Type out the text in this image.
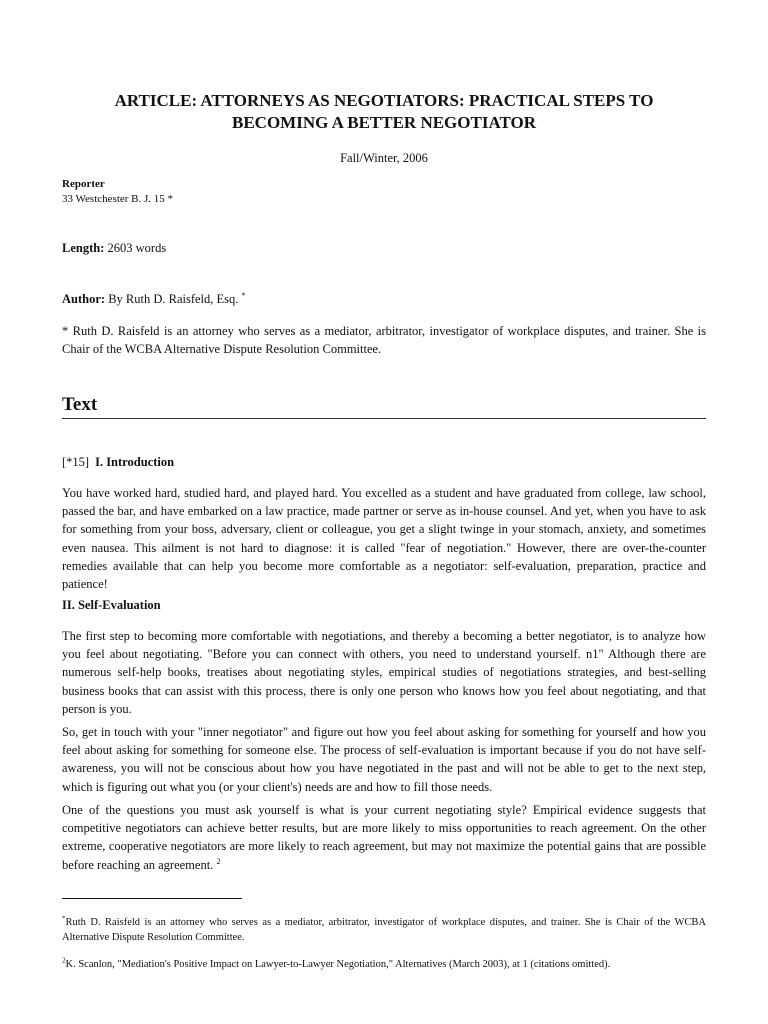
ARTICLE: ATTORNEYS AS NEGOTIATORS: PRACTICAL STEPS TO
BECOMING A BETTER NEGOTIATOR
Fall/Winter, 2006
Reporter
33 Westchester B. J. 15 *
Length: 2603 words
Author: By Ruth D. Raisfeld, Esq. *
* Ruth D. Raisfeld is an attorney who serves as a mediator, arbitrator, investigator of workplace disputes, and trainer. She is Chair of the WCBA Alternative Dispute Resolution Committee.
Text
[*15] I. Introduction
You have worked hard, studied hard, and played hard. You excelled as a student and have graduated from college, law school, passed the bar, and have embarked on a law practice, made partner or serve as in-house counsel. And yet, when you have to ask for something from your boss, adversary, client or colleague, you get a slight twinge in your stomach, anxiety, and sometimes even nausea. This ailment is not hard to diagnose: it is called "fear of negotiation." However, there are over-the-counter remedies available that can help you become more comfortable as a negotiator: self-evaluation, preparation, practice and patience!
II. Self-Evaluation
The first step to becoming more comfortable with negotiations, and thereby a becoming a better negotiator, is to analyze how you feel about negotiating. "Before you can connect with others, you need to understand yourself. n1" Although there are numerous self-help books, treatises about negotiating styles, empirical studies of negotiations strategies, and best-selling business books that can assist with this process, there is only one person who knows how you feel about negotiating, and that person is you.
So, get in touch with your "inner negotiator" and figure out how you feel about asking for something for yourself and how you feel about asking for something for someone else. The process of self-evaluation is important because if you do not have self-awareness, you will not be conscious about how you have negotiated in the past and will not be able to get to the next step, which is figuring out what you (or your client's) needs are and how to fill those needs.
One of the questions you must ask yourself is what is your current negotiating style? Empirical evidence suggests that competitive negotiators can achieve better results, but are more likely to miss opportunities to reach agreement. On the other extreme, cooperative negotiators are more likely to reach agreement, but may not maximize the potential gains that are possible before reaching an agreement. $^2$
*Ruth D. Raisfeld is an attorney who serves as a mediator, arbitrator, investigator of workplace disputes, and trainer. She is Chair of the WCBA Alternative Dispute Resolution Committee.
$^2$K. Scanlon, "Mediation's Positive Impact on Lawyer-to-Lawyer Negotiation," Alternatives (March 2003), at 1 (citations omitted).
